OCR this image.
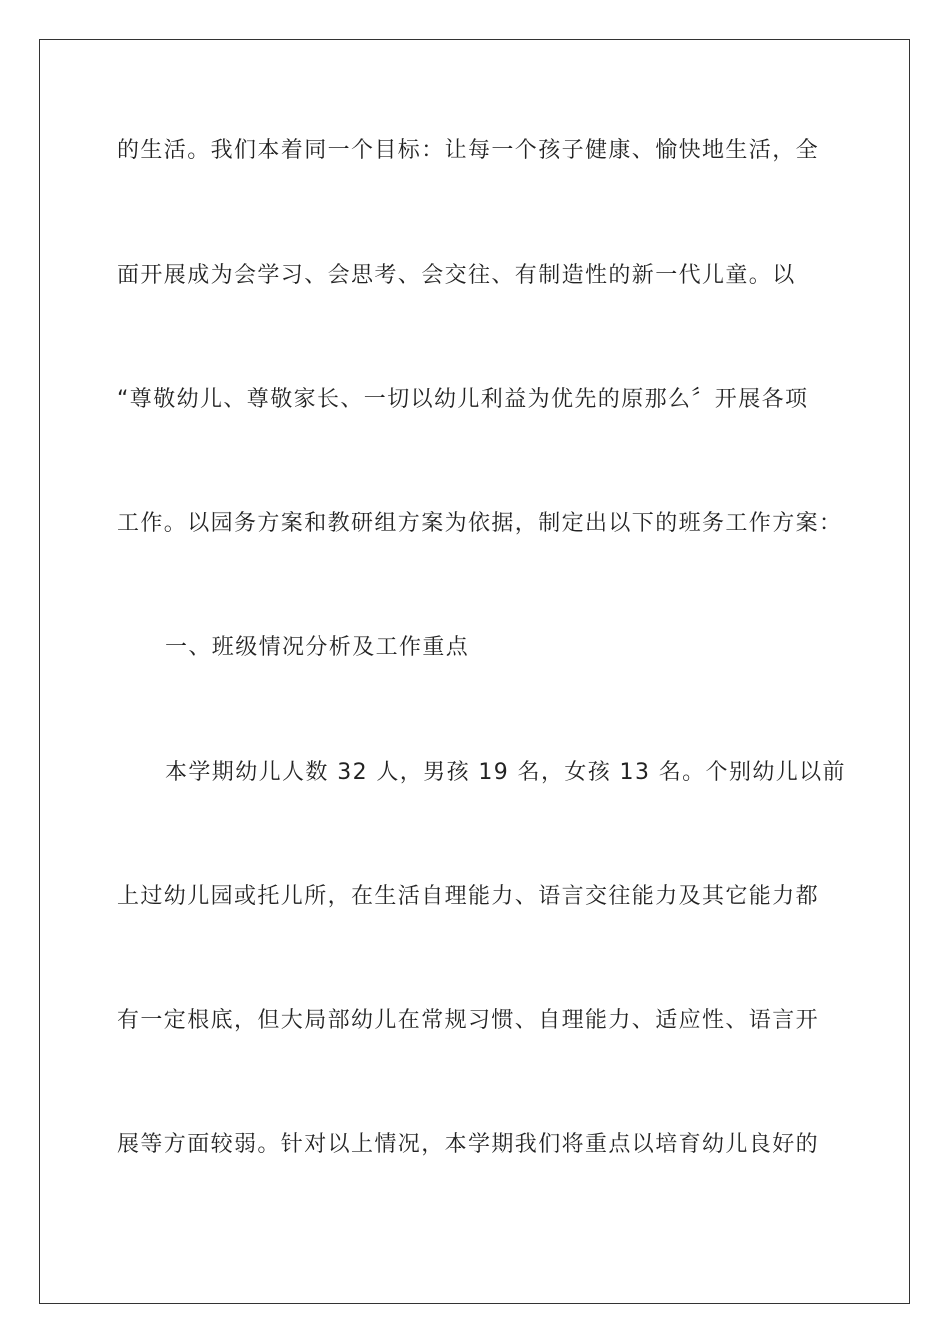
的生活。我们本着同一个目标：让每一个孩子健康、愉快地生活，全
面开展成为会学习、会思考、会交往、有制造性的新一代儿童。以
“尊敬幼儿、尊敬家长、一切以幼儿利益为优先的原那么〞开展各项
工作。以园务方案和教研组方案为依据，制定出以下的班务工作方案：
一、班级情况分析及工作重点
本学期幼儿人数 32 人，男孩 19 名，女孩 13 名。个别幼儿以前
上过幼儿园或托儿所，在生活自理能力、语言交往能力及其它能力都
有一定根底，但大局部幼儿在常规习惯、自理能力、适应性、语言开
展等方面较弱。针对以上情况，本学期我们将重点以培育幼儿良好的
